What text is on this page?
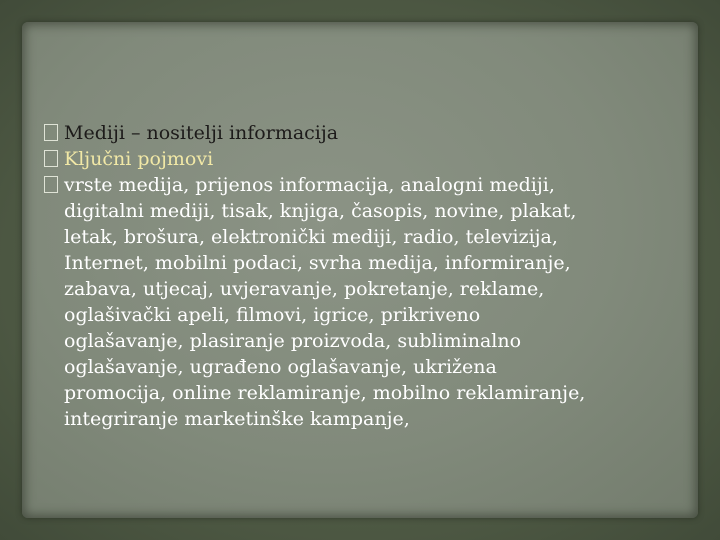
Mediji – nositelji informacija

Ključni pojmovi

vrste medija, prijenos informacija, analogni mediji,
digitalni mediji, tisak, knjiga, časopis, novine, plakat,
letak, brošura, elektronički mediji, radio, televizija,
Internet, mobilni podaci, svrha medija, informiranje,
zabava, utjecaj, uvjeravanje, pokretanje, reklame,
oglašivački apeli, filmovi, igrice, prikriveno
oglašavanje, plasiranje proizvoda, subliminalno
oglašavanje, ugrađeno oglašavanje, ukrižena
promocija, online reklamiranje, mobilno reklamiranje,
integriranje marketinške kampanje,
